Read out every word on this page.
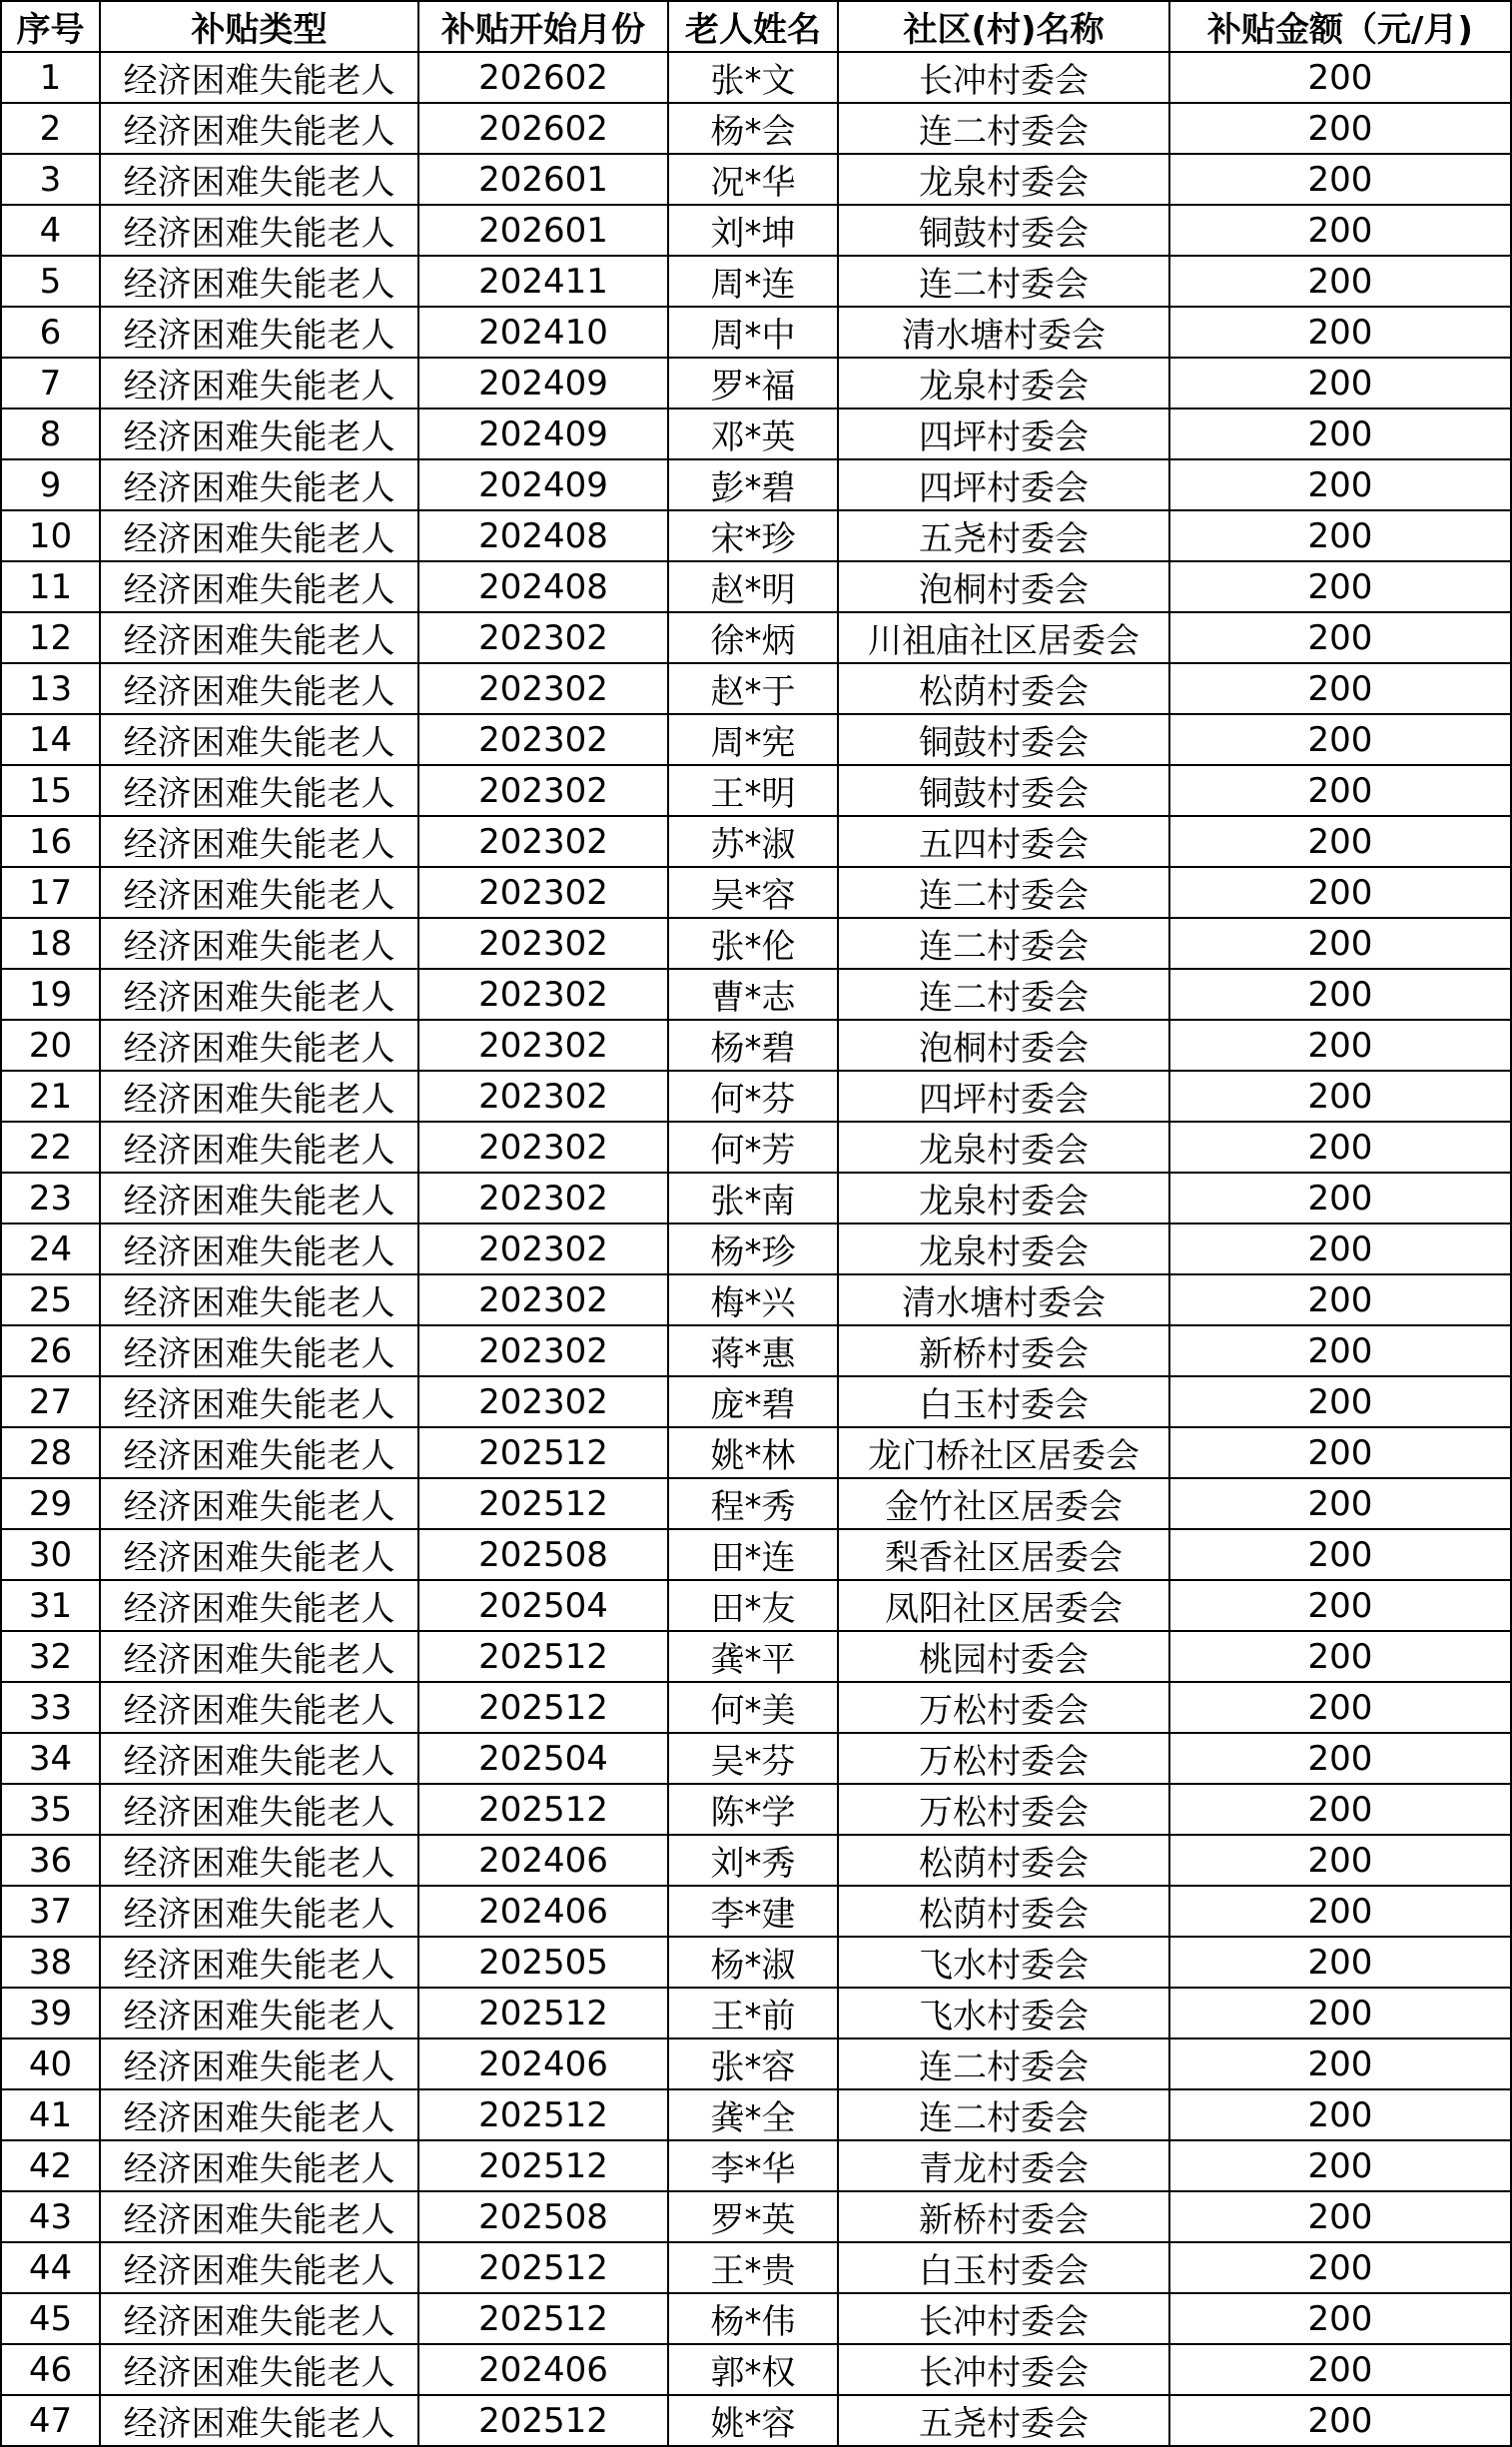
序号	补贴类型	补贴开始月份	老人姓名	社区(村)名称	补贴金额（元/月)
1	经济困难失能老人	202602	张*文	长冲村委会	200
2	经济困难失能老人	202602	杨*会	连二村委会	200
3	经济困难失能老人	202601	况*华	龙泉村委会	200
4	经济困难失能老人	202601	刘*坤	铜鼓村委会	200
5	经济困难失能老人	202411	周*连	连二村委会	200
6	经济困难失能老人	202410	周*中	清水塘村委会	200
7	经济困难失能老人	202409	罗*福	龙泉村委会	200
8	经济困难失能老人	202409	邓*英	四坪村委会	200
9	经济困难失能老人	202409	彭*碧	四坪村委会	200
10	经济困难失能老人	202408	宋*珍	五尧村委会	200
11	经济困难失能老人	202408	赵*明	泡桐村委会	200
12	经济困难失能老人	202302	徐*炳	川祖庙社区居委会	200
13	经济困难失能老人	202302	赵*于	松荫村委会	200
14	经济困难失能老人	202302	周*宪	铜鼓村委会	200
15	经济困难失能老人	202302	王*明	铜鼓村委会	200
16	经济困难失能老人	202302	苏*淑	五四村委会	200
17	经济困难失能老人	202302	吴*容	连二村委会	200
18	经济困难失能老人	202302	张*伦	连二村委会	200
19	经济困难失能老人	202302	曹*志	连二村委会	200
20	经济困难失能老人	202302	杨*碧	泡桐村委会	200
21	经济困难失能老人	202302	何*芬	四坪村委会	200
22	经济困难失能老人	202302	何*芳	龙泉村委会	200
23	经济困难失能老人	202302	张*南	龙泉村委会	200
24	经济困难失能老人	202302	杨*珍	龙泉村委会	200
25	经济困难失能老人	202302	梅*兴	清水塘村委会	200
26	经济困难失能老人	202302	蒋*惠	新桥村委会	200
27	经济困难失能老人	202302	庞*碧	白玉村委会	200
28	经济困难失能老人	202512	姚*林	龙门桥社区居委会	200
29	经济困难失能老人	202512	程*秀	金竹社区居委会	200
30	经济困难失能老人	202508	田*连	梨香社区居委会	200
31	经济困难失能老人	202504	田*友	凤阳社区居委会	200
32	经济困难失能老人	202512	龚*平	桃园村委会	200
33	经济困难失能老人	202512	何*美	万松村委会	200
34	经济困难失能老人	202504	吴*芬	万松村委会	200
35	经济困难失能老人	202512	陈*学	万松村委会	200
36	经济困难失能老人	202406	刘*秀	松荫村委会	200
37	经济困难失能老人	202406	李*建	松荫村委会	200
38	经济困难失能老人	202505	杨*淑	飞水村委会	200
39	经济困难失能老人	202512	王*前	飞水村委会	200
40	经济困难失能老人	202406	张*容	连二村委会	200
41	经济困难失能老人	202512	龚*全	连二村委会	200
42	经济困难失能老人	202512	李*华	青龙村委会	200
43	经济困难失能老人	202508	罗*英	新桥村委会	200
44	经济困难失能老人	202512	王*贵	白玉村委会	200
45	经济困难失能老人	202512	杨*伟	长冲村委会	200
46	经济困难失能老人	202406	郭*权	长冲村委会	200
47	经济困难失能老人	202512	姚*容	五尧村委会	200
